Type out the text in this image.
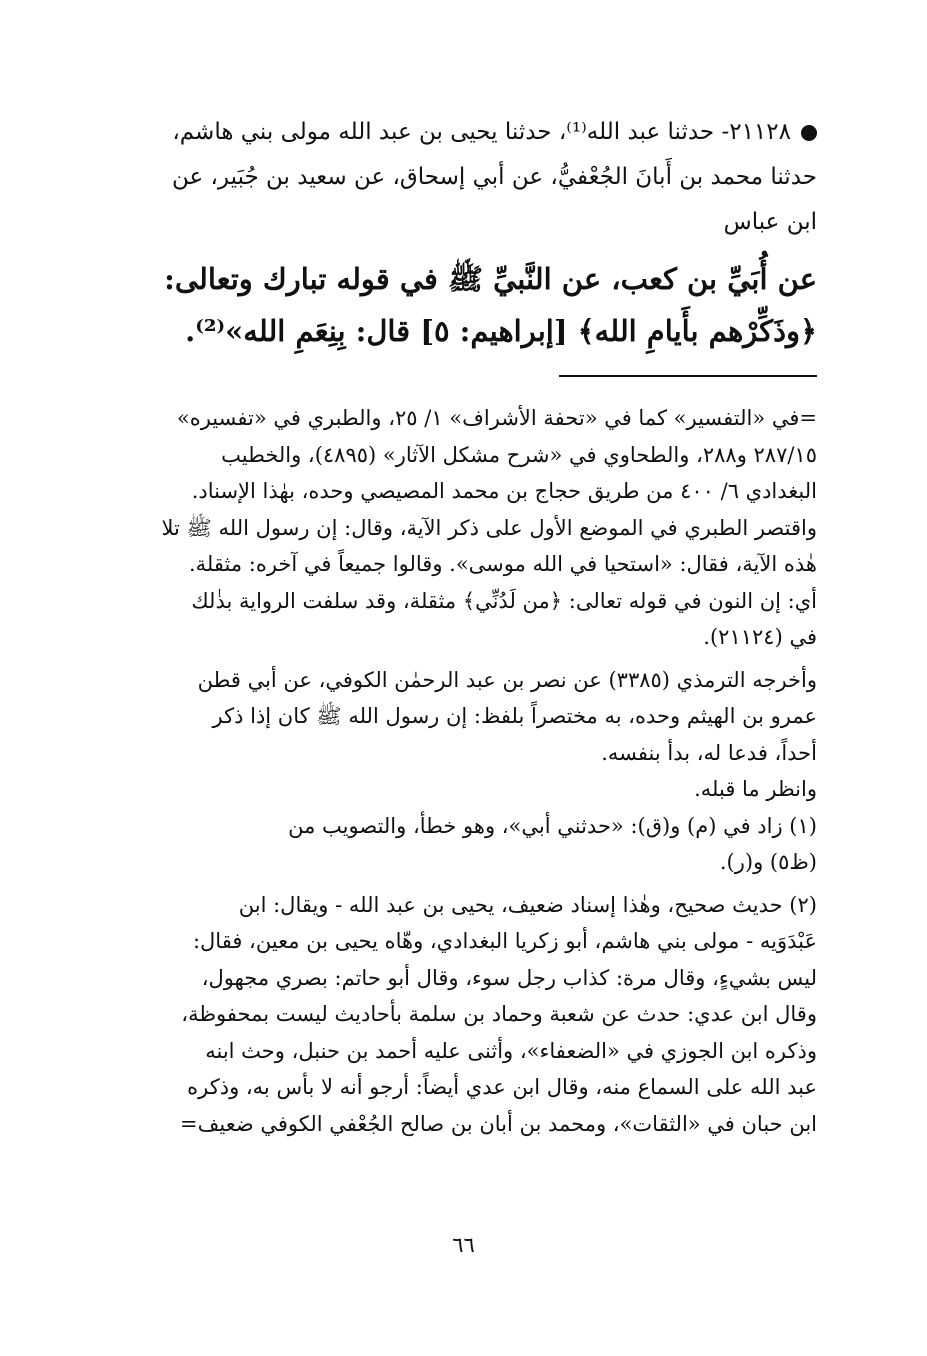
٢١١٢٨- حدثنا عبد الله⁽¹⁾، حدثنا يحيى بن عبد الله مولى بني هاشم،

حدثنا محمد بن أَبانَ الجُعْفيُّ، عن أبي إسحاق، عن سعيد بن جُبَير، عن

ابن عباس

عن أُبَيِّ بن كعب، عن النَّبيِّ ﷺ في قوله تبارك وتعالى:

﴿وذَكِّرْهم بأَيامِ الله﴾ [إبراهيم: ٥] قال: بِنِعَمِ الله»⁽²⁾.

=في «التفسير» كما في «تحفة الأشراف» ١/ ٢٥، والطبري في «تفسيره»

٢٨٧/١٥ و٢٨٨، والطحاوي في «شرح مشكل الآثار» (٤٨٩٥)، والخطيب

البغدادي ٦/ ٤٠٠ من طريق حجاج بن محمد المصيصي وحده، بهٰذا الإسناد.

واقتصر الطبري في الموضع الأول على ذكر الآية، وقال: إن رسول الله ﷺ تلا

هٰذه الآية، فقال: «استحيا في الله موسى». وقالوا جميعاً في آخره: مثقلة.

أي: إن النون في قوله تعالى: ﴿من لَدُنِّي﴾ مثقلة، وقد سلفت الرواية بذٰلك

في (٢١١٢٤).

وأخرجه الترمذي (٣٣٨٥) عن نصر بن عبد الرحمٰن الكوفي، عن أبي قطن

عمرو بن الهيثم وحده، به مختصراً بلفظ: إن رسول الله ﷺ كان إذا ذكر

أحداً، فدعا له، بدأ بنفسه.

وانظر ما قبله.

(١) زاد في (م) و(ق): «حدثني أبي»، وهو خطأ، والتصويب من

(ظ٥) و(ر).

(٢) حديث صحيح، وهٰذا إسناد ضعيف، يحيى بن عبد الله - ويقال: ابن

عَبْدَوَيه - مولى بني هاشم، أبو زكريا البغدادي، وهّاه يحيى بن معين، فقال:

ليس بشيءٍ، وقال مرة: كذاب رجل سوء، وقال أبو حاتم: بصري مجهول،

وقال ابن عدي: حدث عن شعبة وحماد بن سلمة بأحاديث ليست بمحفوظة،

وذكره ابن الجوزي في «الضعفاء»، وأثنى عليه أحمد بن حنبل، وحث ابنه

عبد الله على السماع منه، وقال ابن عدي أيضاً: أرجو أنه لا بأس به، وذكره

ابن حبان في «الثقات»، ومحمد بن أبان بن صالح الجُعْفي الكوفي ضعيف=

٦٦
